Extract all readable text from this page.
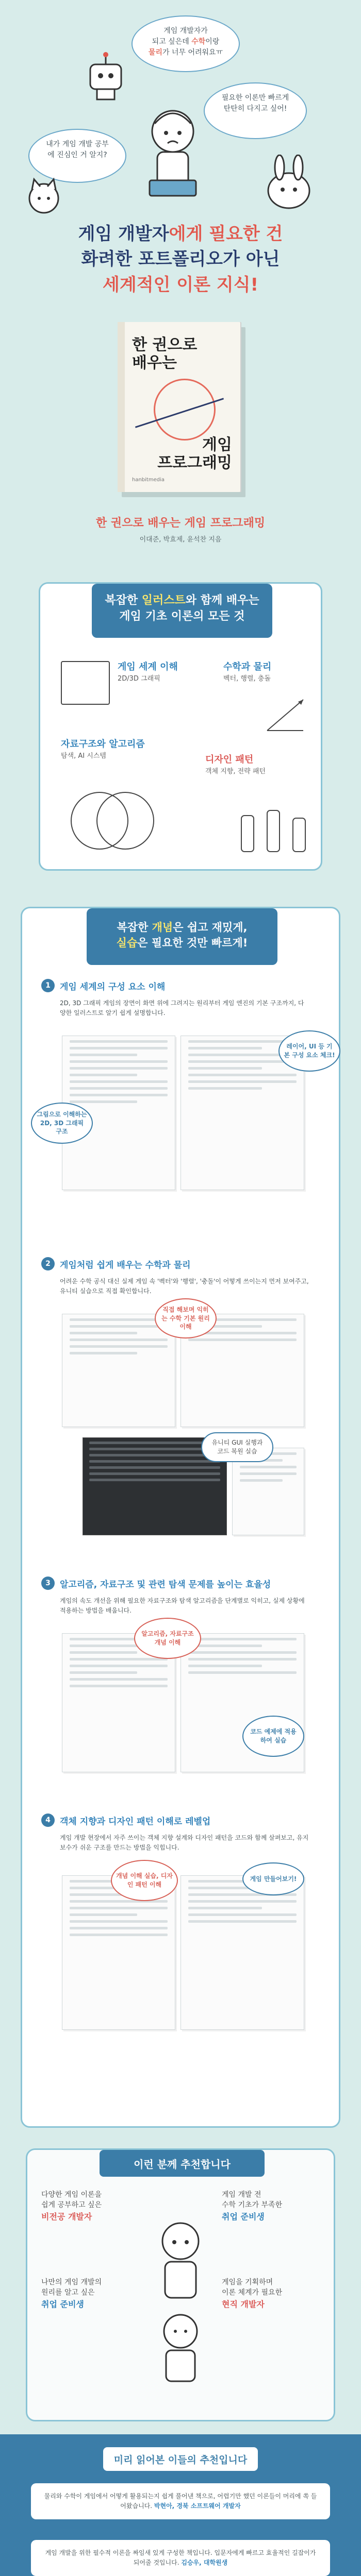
게임 개발자가
되고 싶은데 수학이랑
물리가 너무 어려워요ㅠ
필요한 이론만 빠르게 탄탄히 다지고 싶어!
내가 게임 개발 공부에 진심인 거 알지?
게임 개발자에게 필요한 건
화려한 포트폴리오가 아닌
세계적인 이론 지식!
한 권으로
배우는
게임
프로그래밍
hanbitmedia
한 권으로 배우는 게임 프로그래밍
이대준, 박효제, 윤석찬 지음
복잡한 일러스트와 함께 배우는
게임 기초 이론의 모든 것
게임 세계 이해
2D/3D 그래픽
수학과 물리
벡터, 행렬, 충돌
자료구조와 알고리즘
탐색, AI 시스템	디자인 패턴
객체 지향, 전략 패턴
복잡한 개념은 쉽고 재밌게,
실습은 필요한 것만 빠르게!
1	게임 세계의 구성 요소 이해
2D, 3D 그래픽 게임의 장면이 화면 위에 그려지는 원리부터 게임 엔진의 기본 구조까지, 다양한 일러스트로 알기 쉽게 설명합니다.
레이어, UI 등 기본 구성 요소 체크!
그림으로 이해하는 2D, 3D 그래픽 구조
2	게임처럼 쉽게 배우는 수학과 물리
어려운 수학 공식 대신 실제 게임 속 '벡터'와 '행렬', '충돌'이 어떻게 쓰이는지 먼저 보여주고, 유니티 실습으로 직접 확인합니다.
직접 해보며 익히는 수학 기본 원리 이해
유니티 GUI 실행과 코드 복원 실습
3	알고리즘, 자료구조 및 관련 탐색 문제를 높이는 효율성
게임의 속도 개선을 위해 필요한 자료구조와 탐색 알고리즘을 단계별로 익히고, 실제 상황에 적용하는 방법을 배웁니다.
알고리즘, 자료구조 개념 이해
코드 예제에 적용하여 실습
4	객체 지향과 디자인 패턴 이해로 레벨업
게임 개발 현장에서 자주 쓰이는 객체 지향 설계와 디자인 패턴을 코드와 함께 살펴보고, 유지보수가 쉬운 구조를 만드는 방법을 익힙니다.
개념 이해 실습, 디자인 패턴 이해
게임 만들어보기!
이런 분께 추천합니다
다양한 게임 이론을
쉽게 공부하고 싶은
비전공 개발자
게임 개발 전
수학 기초가 부족한
취업 준비생
나만의 게임 개발의
원리를 알고 싶은
취업 준비생
게임을 기획하며
이론 체계가 필요한
현직 개발자
미리 읽어본 이들의 추천입니다
물리와 수학이 게임에서 어떻게 활용되는지 쉽게 풀어낸 책으로, 어렵기만 했던 이론들이 머리에 쏙 들어왔습니다. 박현아, 경북 소프트웨어 개발자
게임 개발을 위한 필수적 이론을 짜임새 있게 구성한 책입니다. 입문자에게 빠르고 효율적인 길잡이가 되어줄 것입니다. 김승우, 대학원생
